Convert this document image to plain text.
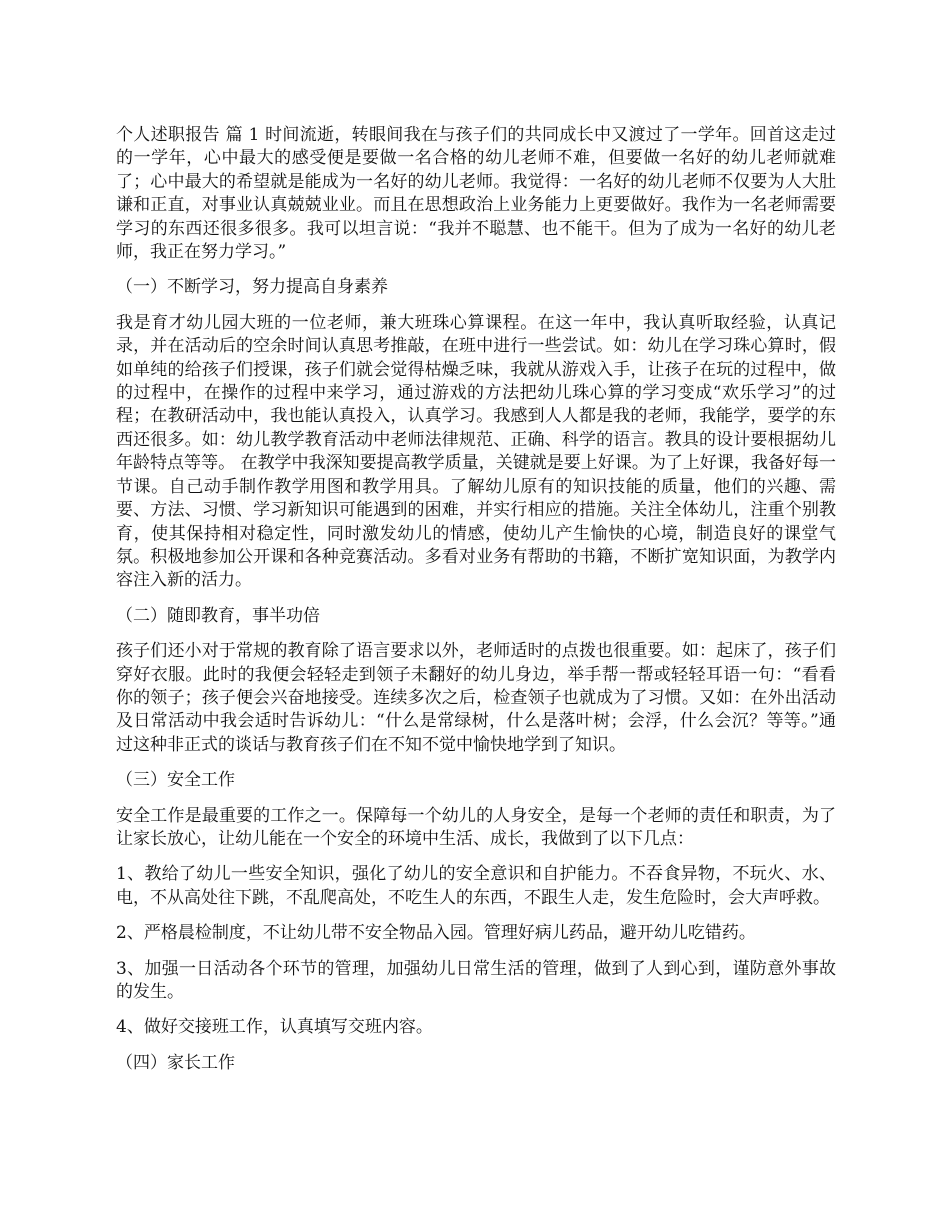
个人述职报告 篇 1 时间流逝，转眼间我在与孩子们的共同成长中又渡过了一学年。回首这走过的一学年，心中最大的感受便是要做一名合格的幼儿老师不难，但要做一名好的幼儿老师就难了；心中最大的希望就是能成为一名好的幼儿老师。我觉得：一名好的幼儿老师不仅要为人大肚谦和正直，对事业认真兢兢业业。而且在思想政治上业务能力上更要做好。我作为一名老师需要学习的东西还很多很多。我可以坦言说：“我并不聪慧、也不能干。但为了成为一名好的幼儿老师，我正在努力学习。”

（一）不断学习，努力提高自身素养

我是育才幼儿园大班的一位老师，兼大班珠心算课程。在这一年中，我认真听取经验，认真记录，并在活动后的空余时间认真思考推敲，在班中进行一些尝试。如：幼儿在学习珠心算时，假如单纯的给孩子们授课，孩子们就会觉得枯燥乏味，我就从游戏入手，让孩子在玩的过程中，做的过程中，在操作的过程中来学习，通过游戏的方法把幼儿珠心算的学习变成“欢乐学习”的过程；在教研活动中，我也能认真投入，认真学习。我感到人人都是我的老师，我能学，要学的东西还很多。如：幼儿教学教育活动中老师法律规范、正确、科学的语言。教具的设计要根据幼儿年龄特点等等。 在教学中我深知要提高教学质量，关键就是要上好课。为了上好课，我备好每一节课。自己动手制作教学用图和教学用具。了解幼儿原有的知识技能的质量，他们的兴趣、需要、方法、习惯、学习新知识可能遇到的困难，并实行相应的措施。关注全体幼儿，注重个别教育，使其保持相对稳定性，同时激发幼儿的情感，使幼儿产生愉快的心境，制造良好的课堂气氛。积极地参加公开课和各种竞赛活动。多看对业务有帮助的书籍，不断扩宽知识面，为教学内容注入新的活力。

（二）随即教育，事半功倍

孩子们还小对于常规的教育除了语言要求以外，老师适时的点拨也很重要。如：起床了，孩子们穿好衣服。此时的我便会轻轻走到领子未翻好的幼儿身边，举手帮一帮或轻轻耳语一句：“看看你的领子；孩子便会兴奋地接受。连续多次之后，检查领子也就成为了习惯。又如：在外出活动及日常活动中我会适时告诉幼儿：“什么是常绿树，什么是落叶树；会浮，什么会沉？等等。”通过这种非正式的谈话与教育孩子们在不知不觉中愉快地学到了知识。

（三）安全工作

安全工作是最重要的工作之一。保障每一个幼儿的人身安全，是每一个老师的责任和职责，为了让家长放心，让幼儿能在一个安全的环境中生活、成长，我做到了以下几点：

1、教给了幼儿一些安全知识，强化了幼儿的安全意识和自护能力。不吞食异物，不玩火、水、电，不从高处往下跳，不乱爬高处，不吃生人的东西，不跟生人走，发生危险时，会大声呼救。

2、严格晨检制度，不让幼儿带不安全物品入园。管理好病儿药品，避开幼儿吃错药。

3、加强一日活动各个环节的管理，加强幼儿日常生活的管理，做到了人到心到，谨防意外事故的发生。

4、做好交接班工作，认真填写交班内容。

（四）家长工作
